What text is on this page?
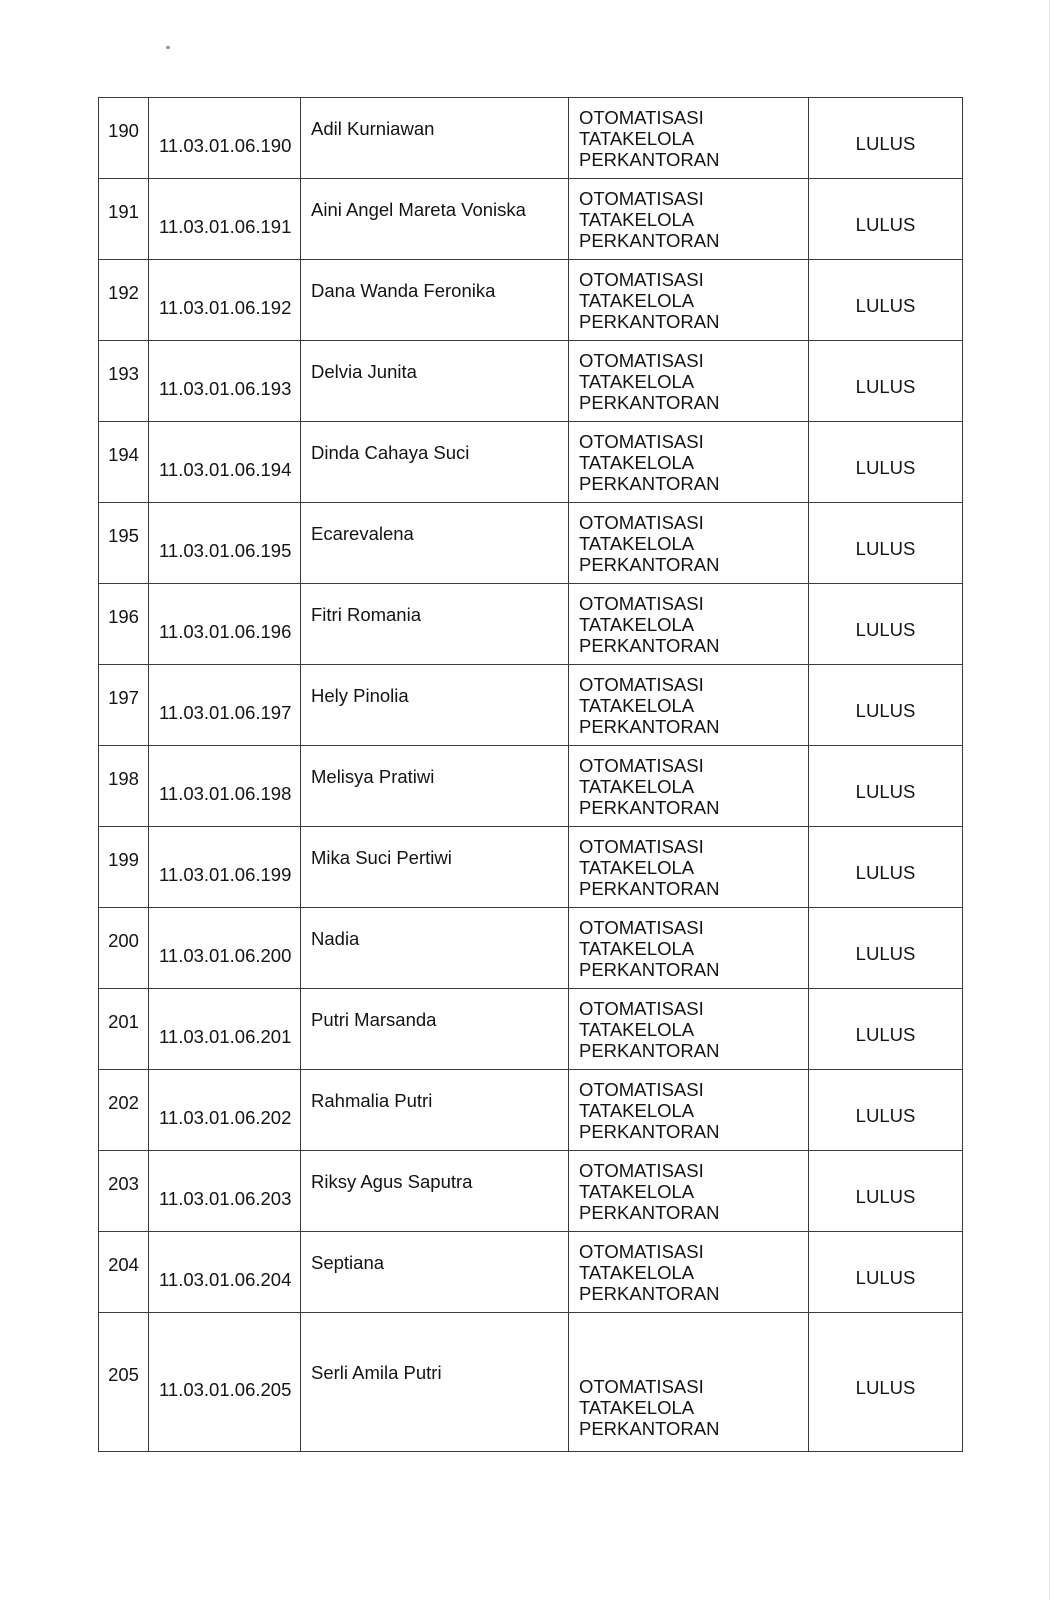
190	11.03.01.06.190	Adil Kurniawan	OTOMATISASI
TATAKELOLA
PERKANTORAN	LULUS
191	11.03.01.06.191	Aini Angel Mareta Voniska	OTOMATISASI
TATAKELOLA
PERKANTORAN	LULUS
192	11.03.01.06.192	Dana Wanda Feronika	OTOMATISASI
TATAKELOLA
PERKANTORAN	LULUS
193	11.03.01.06.193	Delvia Junita	OTOMATISASI
TATAKELOLA
PERKANTORAN	LULUS
194	11.03.01.06.194	Dinda Cahaya Suci	OTOMATISASI
TATAKELOLA
PERKANTORAN	LULUS
195	11.03.01.06.195	Ecarevalena	OTOMATISASI
TATAKELOLA
PERKANTORAN	LULUS
196	11.03.01.06.196	Fitri Romania	OTOMATISASI
TATAKELOLA
PERKANTORAN	LULUS
197	11.03.01.06.197	Hely Pinolia	OTOMATISASI
TATAKELOLA
PERKANTORAN	LULUS
198	11.03.01.06.198	Melisya Pratiwi	OTOMATISASI
TATAKELOLA
PERKANTORAN	LULUS
199	11.03.01.06.199	Mika Suci Pertiwi	OTOMATISASI
TATAKELOLA
PERKANTORAN	LULUS
200	11.03.01.06.200	Nadia	OTOMATISASI
TATAKELOLA
PERKANTORAN	LULUS
201	11.03.01.06.201	Putri Marsanda	OTOMATISASI
TATAKELOLA
PERKANTORAN	LULUS
202	11.03.01.06.202	Rahmalia Putri	OTOMATISASI
TATAKELOLA
PERKANTORAN	LULUS
203	11.03.01.06.203	Riksy Agus Saputra	OTOMATISASI
TATAKELOLA
PERKANTORAN	LULUS
204	11.03.01.06.204	Septiana	OTOMATISASI
TATAKELOLA
PERKANTORAN	LULUS
205	11.03.01.06.205	Serli Amila Putri	OTOMATISASI
TATAKELOLA
PERKANTORAN	LULUS
